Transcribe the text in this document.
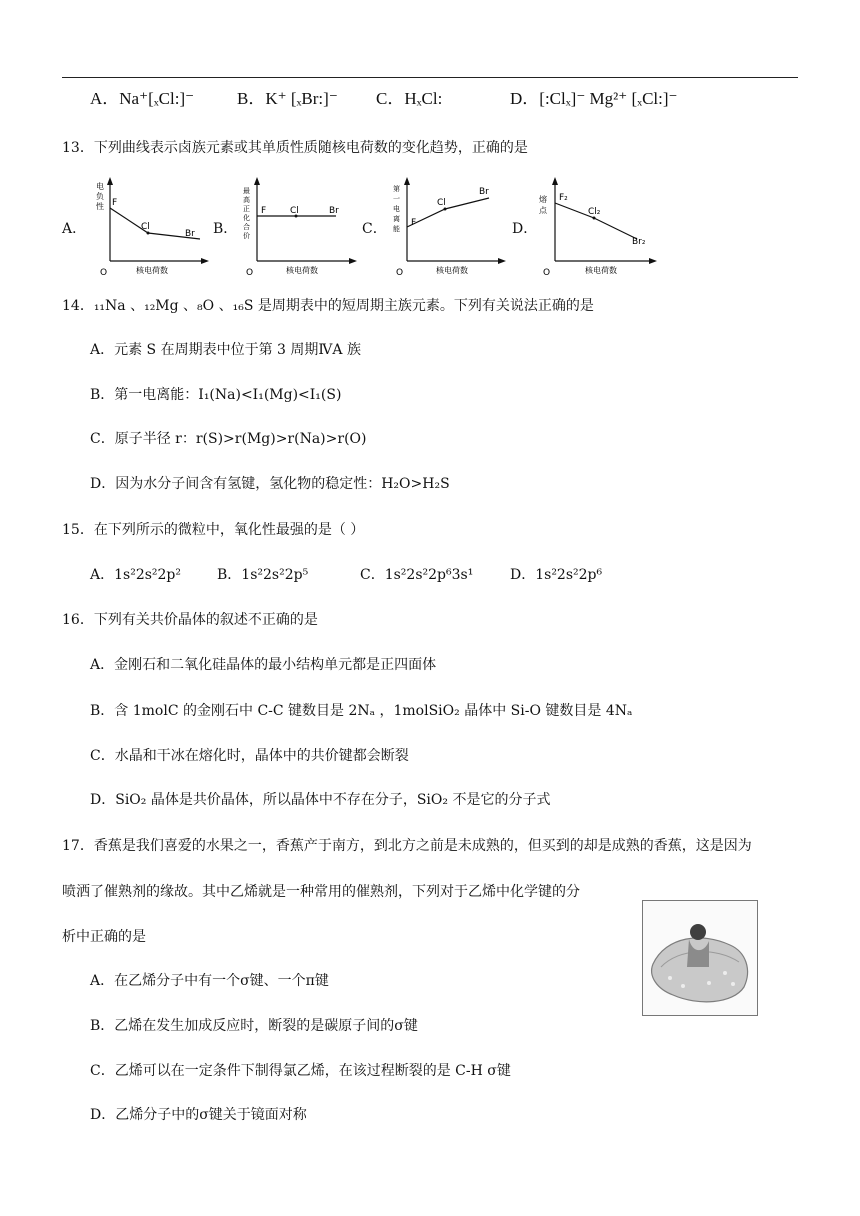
A．Na⁺[ₓCl:]⁻	B．K⁺ [ₓBr:]⁻ C．HₓCl:	D．[:Clₓ]⁻ Mg²⁺ [ₓCl:]⁻
13．下列曲线表示卤族元素或其单质性质随核电荷数的变化趋势，正确的是
A．	B．	C．	D．
O
F
Cl
Br
核电荷数
电
负
性
O
F	Cl	Br
核电荷数
最
高
正
化
合
价
O
F
Cl
Br
核电荷数
第
一
电
离
能
O
F₂
Cl₂
Br₂
核电荷数
熔
点
14．₁₁Na 、₁₂Mg 、₈O 、₁₆S 是周期表中的短周期主族元素。下列有关说法正确的是
A．元素 S 在周期表中位于第 3 周期ⅣA 族
B．第一电离能：I₁(Na)<I₁(Mg)<I₁(S)
C．原子半径 r：r(S)>r(Mg)>r(Na)>r(O)
D．因为水分子间含有氢键，氢化物的稳定性：H₂O>H₂S
15．在下列所示的微粒中，氧化性最强的是（ ）
A．1s²2s²2p²	B．1s²2s²2p⁵	C．1s²2s²2p⁶3s¹	D．1s²2s²2p⁶
16．下列有关共价晶体的叙述不正确的是
A．金刚石和二氧化硅晶体的最小结构单元都是正四面体
B．含 1molC 的金刚石中 C-C 键数目是 2Nₐ ，1molSiO₂ 晶体中 Si-O 键数目是 4Nₐ
C．水晶和干冰在熔化时，晶体中的共价键都会断裂
D．SiO₂ 晶体是共价晶体，所以晶体中不存在分子，SiO₂ 不是它的分子式
17．香蕉是我们喜爱的水果之一，香蕉产于南方，到北方之前是未成熟的，但买到的却是成熟的香蕉，这是因为
喷洒了催熟剂的缘故。其中乙烯就是一种常用的催熟剂，下列对于乙烯中化学键的分
析中正确的是
A．在乙烯分子中有一个σ键、一个π键
B．乙烯在发生加成反应时，断裂的是碳原子间的σ键
C．乙烯可以在一定条件下制得氯乙烯，在该过程断裂的是 C-H σ键
D．乙烯分子中的σ键关于镜面对称
